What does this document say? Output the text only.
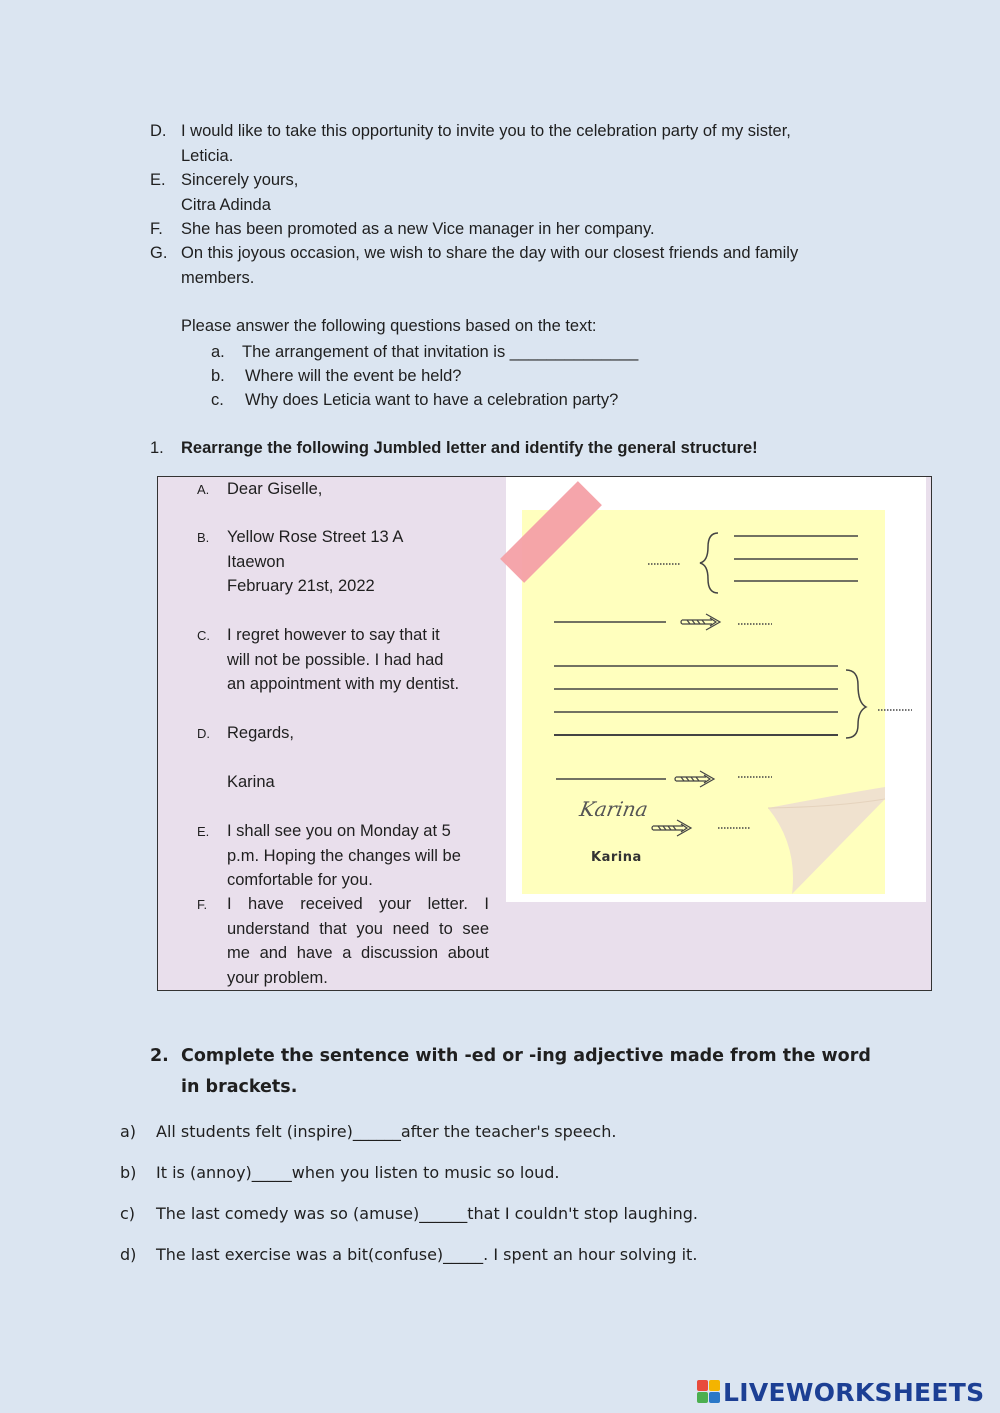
D. I would like to take this opportunity to invite you to the celebration party of my sister,
Leticia.
E. Sincerely yours,
Citra Adinda
F.	She has been promoted as a new Vice manager in her company.
G. On this joyous occasion, we wish to share the day with our closest friends and family
members.
Please answer the following questions based on the text:
a. The arrangement of that invitation is ______________
b. Where will the event be held?
c. Why does Leticia want to have a celebration party?
1.	Rearrange the following Jumbled letter and identify the general structure!
A. Dear Giselle,
B. Yellow Rose Street 13 A
Itaewon
February 21st, 2022
C. I regret however to say that it
will not be possible. I had had
an appointment with my dentist.
D. Regards,

Karina
E. I shall see you on Monday at 5
p.m. Hoping the changes will be
comfortable for you.
F. I have received your letter. I
understand that you need to see
me and have a discussion about
your problem.
Karina
Karina
2. Complete the sentence with -ed or -ing adjective made from the word
in brackets.
a)	All students felt (inspire)______after the teacher's speech.
b)	It is (annoy)_____when you listen to music so loud.
c)	The last comedy was so (amuse)______that I couldn't stop laughing.
d)	The last exercise was a bit(confuse)_____. I spent an hour solving it.
LIVEWORKSHEETS
